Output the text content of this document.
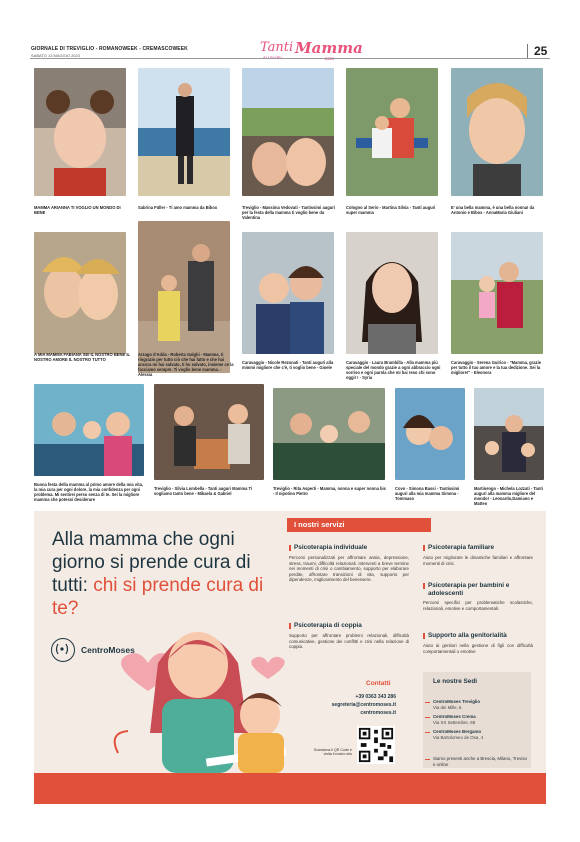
GIORNALE DI TREVIGLIO - ROMANOWEEK - CREMASCOWEEK
SABATO 13 MAGGIO 2023
Tanti Mamma	25
MAMMA ARIANNA TI VOGLIO UN MONDO DI BENE
Sabrina Füller - Ti amo mamma da Bibox	Treviglio - Massima Vedovati - Tantissimi auguri per la festa della mamma ti voglio bene da Valentina
Cologno al Serio - Martina Silvia - Tanti auguri super mamma
E' una bella mamma, è una bella nonna! da Antonio e Bibox - AnnaMaria Giuliani
A MIA MAMMA FABIANA SEI IL NOSTRO BENE IL NOSTRO AMORE IL NOSTRO TUTTO
Arzago d'Adda - Roberta Galghi - Mamma, ti ringrazio per tutto ciò che hai fatto e che hai ancora mi hai salvato, ti ho salvato, insieme ce la facciamo sempre. Ti voglio bene mamma. - Alessia
Caravaggio - Nicole Rezonati - Tanti auguri alla mimmi migliore che c'è, ti voglio bene - Gioele
Caravaggio - Laura Brambilla - Alla mamma più speciale del mondo grazie a ogni abbraccio ogni sorriso e ogni parola che mi hai reso chi sono oggi! ! - Syria
Caravaggio - Serena Guirico - "Mamma, grazie per tutto il tuo amore e la tua dedizione. Sei la migliore!" - Eleonora
Buona festa della mamma al primo amore della mia vita, la mia cura per ogni dolore, la mia confidenza per ogni problema. Mi sentirei perso senza di te. Sei la migliore mamma che potessi desiderare
Treviglio - Silvia Lombella - Tanti auguri Mamma Ti vogliamo tanto bene - Mikaela & Gabriel
Treviglio - Rita Asperti - Mamma, nonna e super nonna bis - Il nipotino Pietro
Covo - Simona Bassi - Tantissimi auguri alla mia mamma Simona - Tommaso
Martinengo - Michela Lozzati - Tanti auguri alla mamma migliore del mondo! - Leonardo,Damiano e Matteo
Alla mamma che ogni giorno si prende cura di tutti: chi si prende cura di te?
CentroMoses
I nostri servizi
Psicoterapia individuale
Percorsi personalizzati per affrontare ansia, depressione, stress, traumi, difficoltà relazionali. Interventi a breve termine nei momenti di crisi o cambiamento, supporto per elaborare perdite, affrontare transizioni di vita, supporto per dipendenze, miglioramento del benessere.
Psicoterapia di coppia
Supporto per affrontare problemi relazionali, difficoltà comunicative, gestione dei conflitti e crisi nella relazione di coppia.
Psicoterapia familiare
Aiuto per migliorare le dinamiche familiari e affrontare momenti di crisi.
Psicoterapia per bambini e adolescenti
Percorsi specifici per problematiche scolastiche, relazionali, emotive e comportamentali.
Supporto alla genitorialità
Aiuto ai genitori nella gestione di figli con difficoltà comportamentali o emotive
Contatti
+39 0363 343 286
segreteria@centromoses.it
centromoses.it
Scansiona il QR Code e visita il nostro sito
Le nostre Sedi
CentroMoses Treviglio
Via dei Mille, 6
CentroMoses Crema
Via XX Settembre, 68
CentroMoses Bergamo
Via Bartolomeo de Osa, 4
Siamo presenti anche a Brescia, Milano, Treviso e online
